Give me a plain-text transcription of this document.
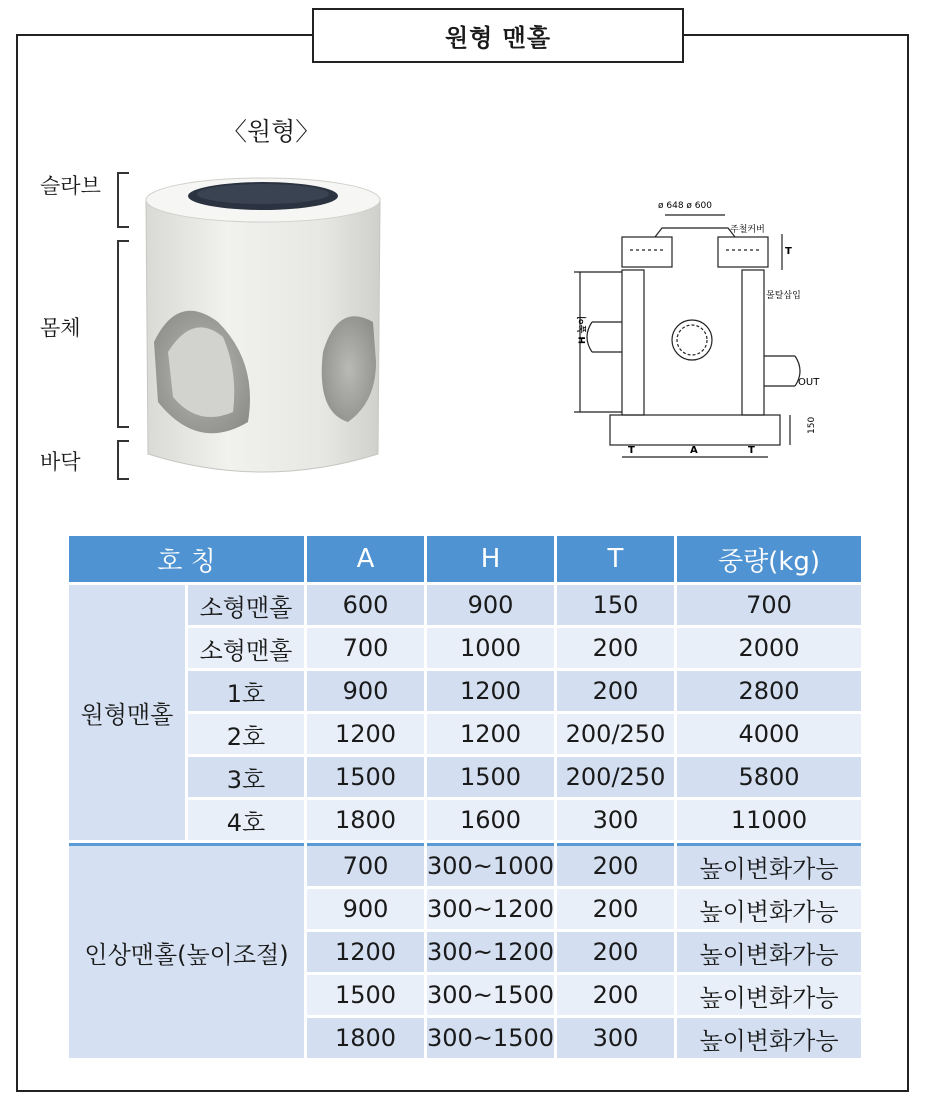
원형 맨홀
〈원형〉
슬라브
몸체
바닥
ø 648 ø 600
주철커버
몰탈삽입
H 높이
OUT
150
T	A	T
T
호 칭		A	H	T	중량(kg)
원형맨홀	소형맨홀	600	900	150	700
	소형맨홀	700	1000	200	2000
	1호	900	1200	200	2800
	2호	1200	1200	200/250	4000
	3호	1500	1500	200/250	5800
	4호	1800	1600	300	11000
인상맨홀(높이조절)		700	300~1000	200	높이변화가능
		900	300~1200	200	높이변화가능
		1200	300~1200	200	높이변화가능
		1500	300~1500	200	높이변화가능
		1800	300~1500	300	높이변화가능
